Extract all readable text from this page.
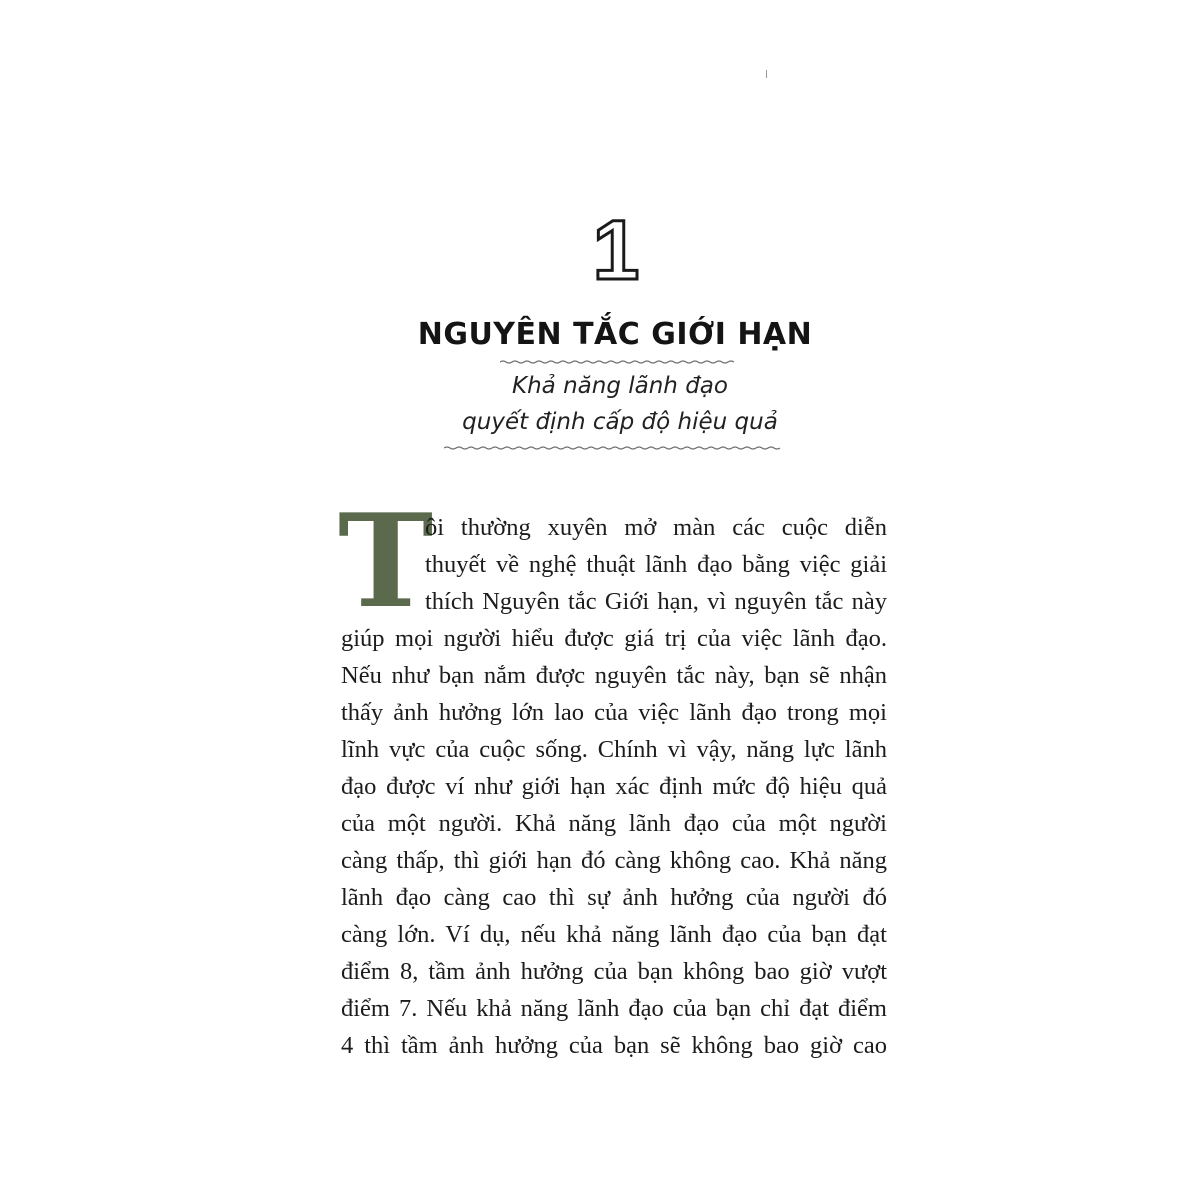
1
NGUYÊN TẮC GIỚI HẠN
Khả năng lãnh đạo
quyết định cấp độ hiệu quả
T
ôi thường xuyên mở màn các cuộc diễn
thuyết về nghệ thuật lãnh đạo bằng việc giải
thích Nguyên tắc Giới hạn, vì nguyên tắc này
giúp mọi người hiểu được giá trị của việc lãnh đạo.
Nếu như bạn nắm được nguyên tắc này, bạn sẽ nhận
thấy ảnh hưởng lớn lao của việc lãnh đạo trong mọi
lĩnh vực của cuộc sống. Chính vì vậy, năng lực lãnh
đạo được ví như giới hạn xác định mức độ hiệu quả
của một người. Khả năng lãnh đạo của một người
càng thấp, thì giới hạn đó càng không cao. Khả năng
lãnh đạo càng cao thì sự ảnh hưởng của người đó
càng lớn. Ví dụ, nếu khả năng lãnh đạo của bạn đạt
điểm 8, tầm ảnh hưởng của bạn không bao giờ vượt
điểm 7. Nếu khả năng lãnh đạo của bạn chỉ đạt điểm
4 thì tầm ảnh hưởng của bạn sẽ không bao giờ cao
